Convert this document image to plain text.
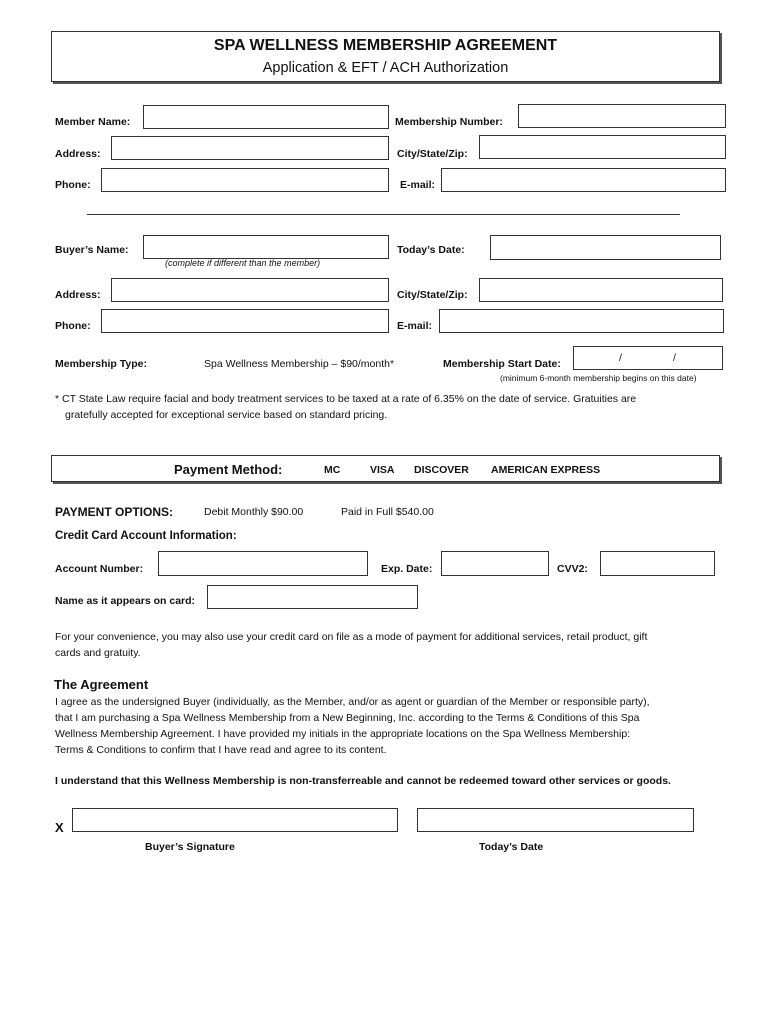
SPA WELLNESS MEMBERSHIP AGREEMENT
Application & EFT / ACH Authorization
Member Name:	Membership Number:
Address:	City/State/Zip:
Phone:	E-mail:
Buyer’s Name:
(complete if different than the member)
Today’s Date:
Address:	City/State/Zip:
Phone:	E-mail:
Membership Type:	Spa Wellness Membership – $90/month*	Membership Start Date:	/	/
(minimum 6-month membership begins on this date)
* CT State Law require facial and body treatment services to be taxed at a rate of 6.35% on the date of service. Gratuities are
gratefully accepted for exceptional service based on standard pricing.
Payment Method:	MC	VISA DISCOVER AMERICAN EXPRESS
PAYMENT OPTIONS:	Debit Monthly $90.00	Paid in Full $540.00
Credit Card Account Information:
Account Number:	Exp. Date:	CVV2:
Name as it appears on card:
For your convenience, you may also use your credit card on file as a mode of payment for additional services, retail product, gift
cards and gratuity.
The Agreement
I agree as the undersigned Buyer (individually, as the Member, and/or as agent or guardian of the Member or responsible party),
that I am purchasing a Spa Wellness Membership from a New Beginning, Inc. according to the Terms & Conditions of this Spa
Wellness Membership Agreement. I have provided my initials in the appropriate locations on the Spa Wellness Membership:
Terms & Conditions to confirm that I have read and agree to its content.
I understand that this Wellness Membership is non-transferreable and cannot be redeemed toward other services or goods.
X
Buyer’s Signature	Today’s Date
